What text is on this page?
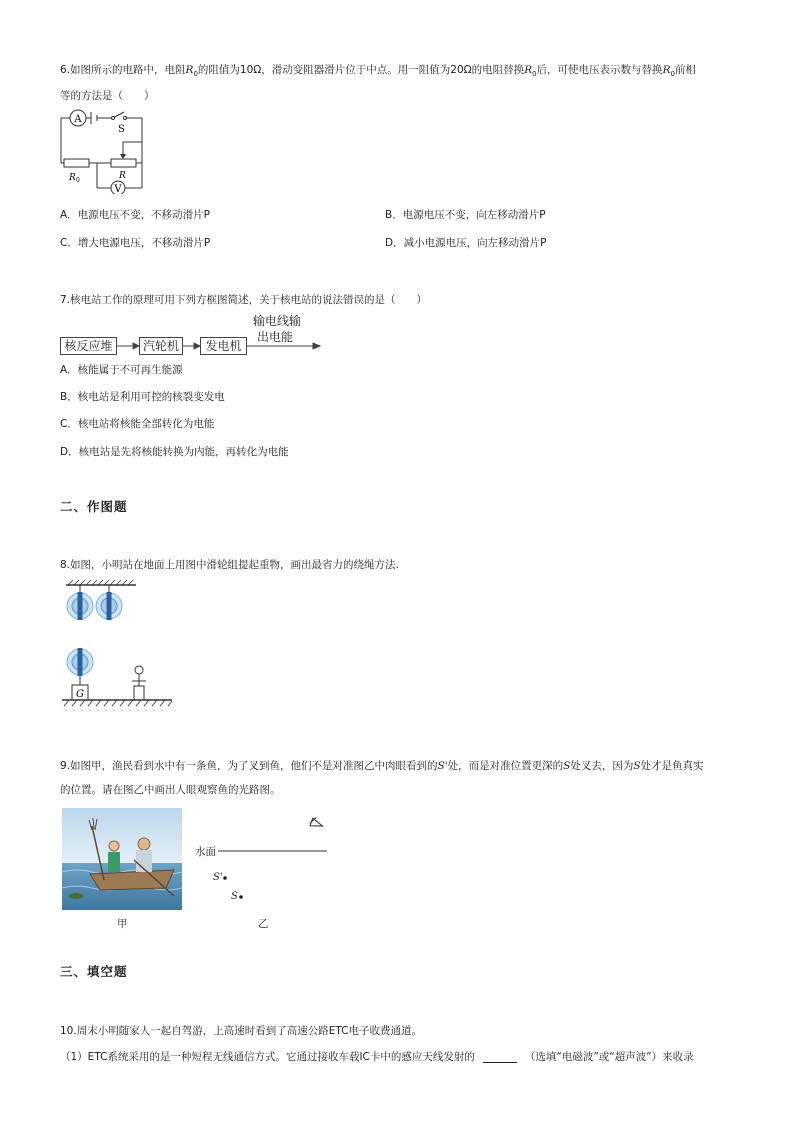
6.如图所示的电路中，电阻$R_0$的阻值为10Ω，滑动变阻器滑片位于中点。用一阻值为20Ω的电阻替换$R_0$后，可使电压表示数与替换$R_0$前相
等的方法是（　　）
A
V
S
R 0	R
A．电源电压不变，不移动滑片P	B．电源电压不变，向左移动滑片P
C．增大电源电压，不移动滑片P	D．减小电源电压，向左移动滑片P
7.核电站工作的原理可用下列方框图简述，关于核电站的说法错误的是（　　）
核反应堆	汽轮机	发电机
输电线输
出电能
A．核能属于不可再生能源
B．核电站是利用可控的核裂变发电
C．核电站将核能全部转化为电能
D．核电站是先将核能转换为内能，再转化为电能
二、作图题
8.如图，小明站在地面上用图中滑轮组提起重物，画出最省力的绕绳方法.
G
9.如图甲，渔民看到水中有一条鱼，为了叉到鱼，他们不是对准图乙中肉眼看到的S'处，而是对准位置更深的S处叉去，因为S处才是鱼真实
的位置。请在图乙中画出人眼观察鱼的光路图。
甲
水面
S'
S
乙
三、填空题
10.周末小明随家人一起自驾游，上高速时看到了高速公路ETC电子收费通道。
（1）ETC系统采用的是一种短程无线通信方式。它通过接收车载IC卡中的感应天线发射的	（选填“电磁波”或“超声波”）来收录
